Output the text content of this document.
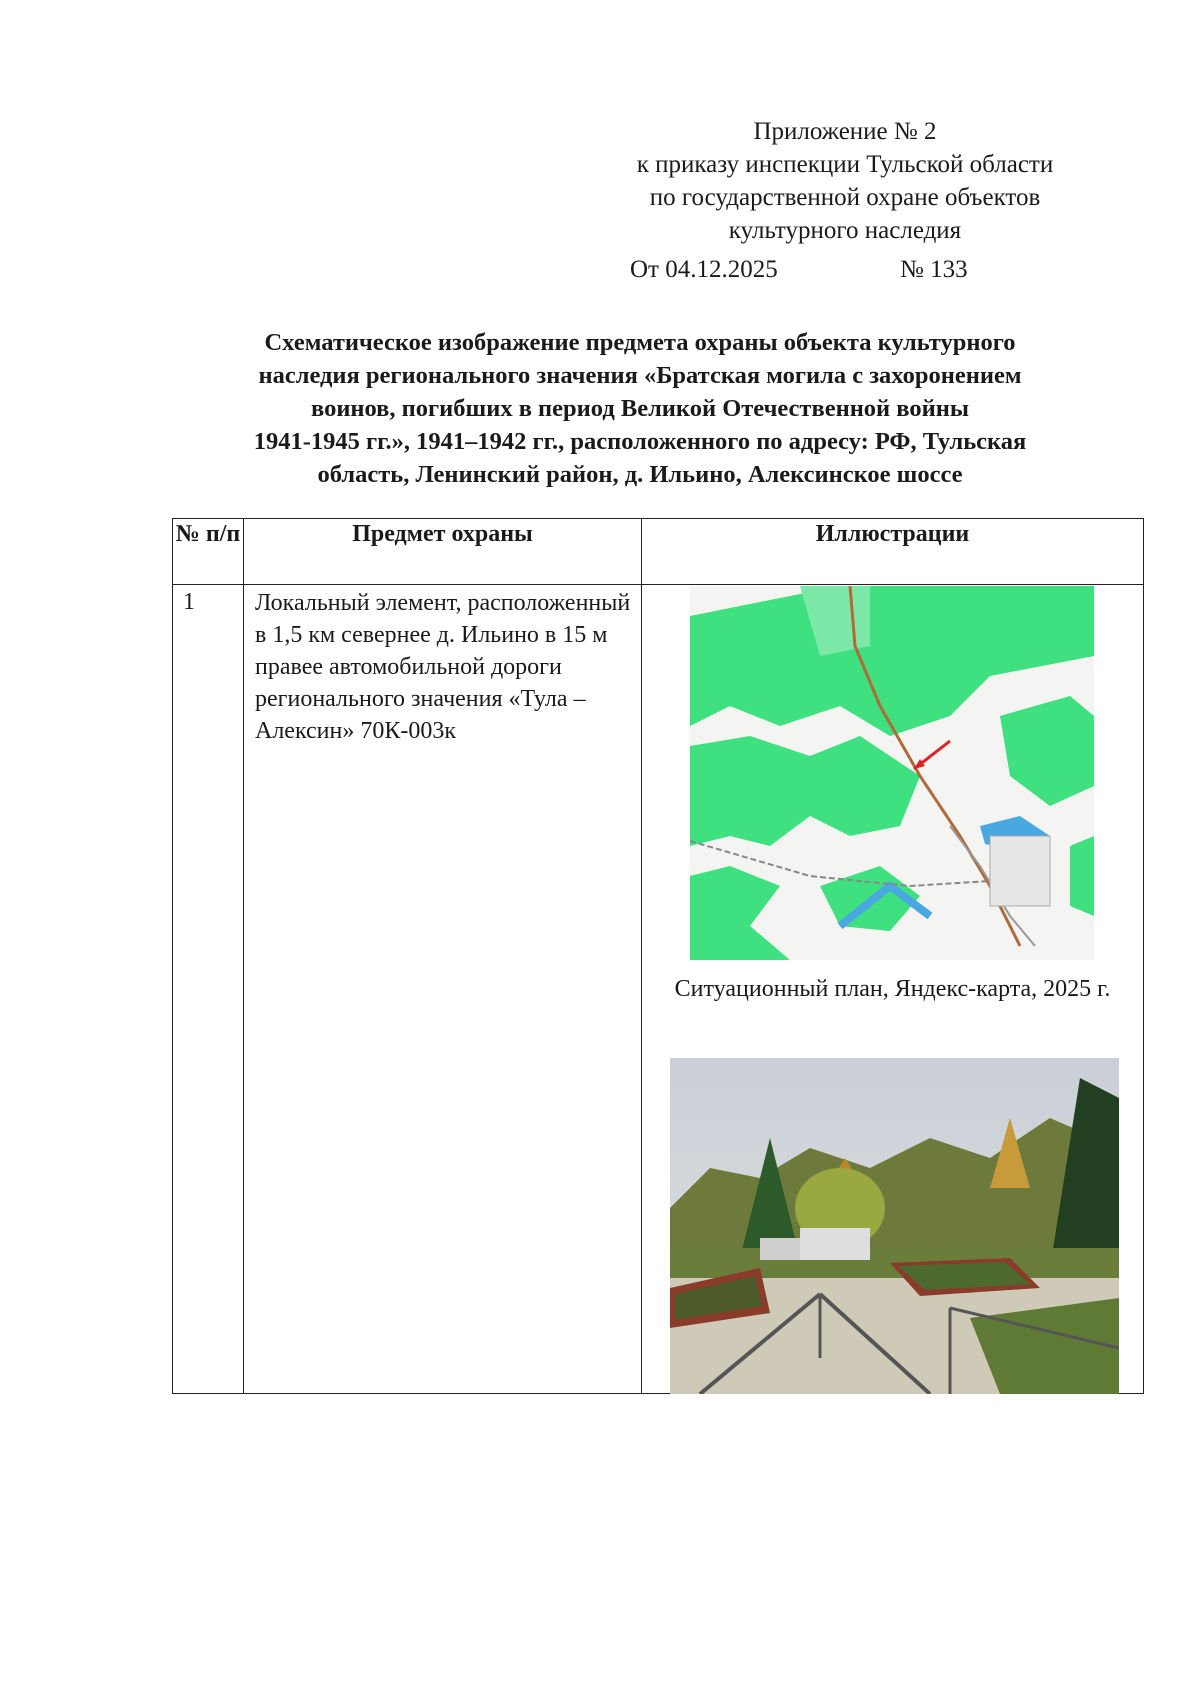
Приложение № 2
к приказу инспекции Тульской области
по государственной охране объектов
культурного наследия
От 04.12.2025	№ 133
Схематическое изображение предмета охраны объекта культурного
наследия регионального значения «Братская могила с захоронением
воинов, погибших в период Великой Отечественной войны
1941-1945 гг.», 1941–1942 гг., расположенного по адресу: РФ, Тульская
область, Ленинский район, д. Ильино, Алексинское шоссе
№ п/п	Предмет охраны	Иллюстрации
1	Локальный элемент, расположенный в 1,5 км севернее д. Ильино в 15 м правее автомобильной дороги регионального значения «Тула – Алексин» 70К-003к	Ситуационный план, Яндекс-карта, 2025 г.
